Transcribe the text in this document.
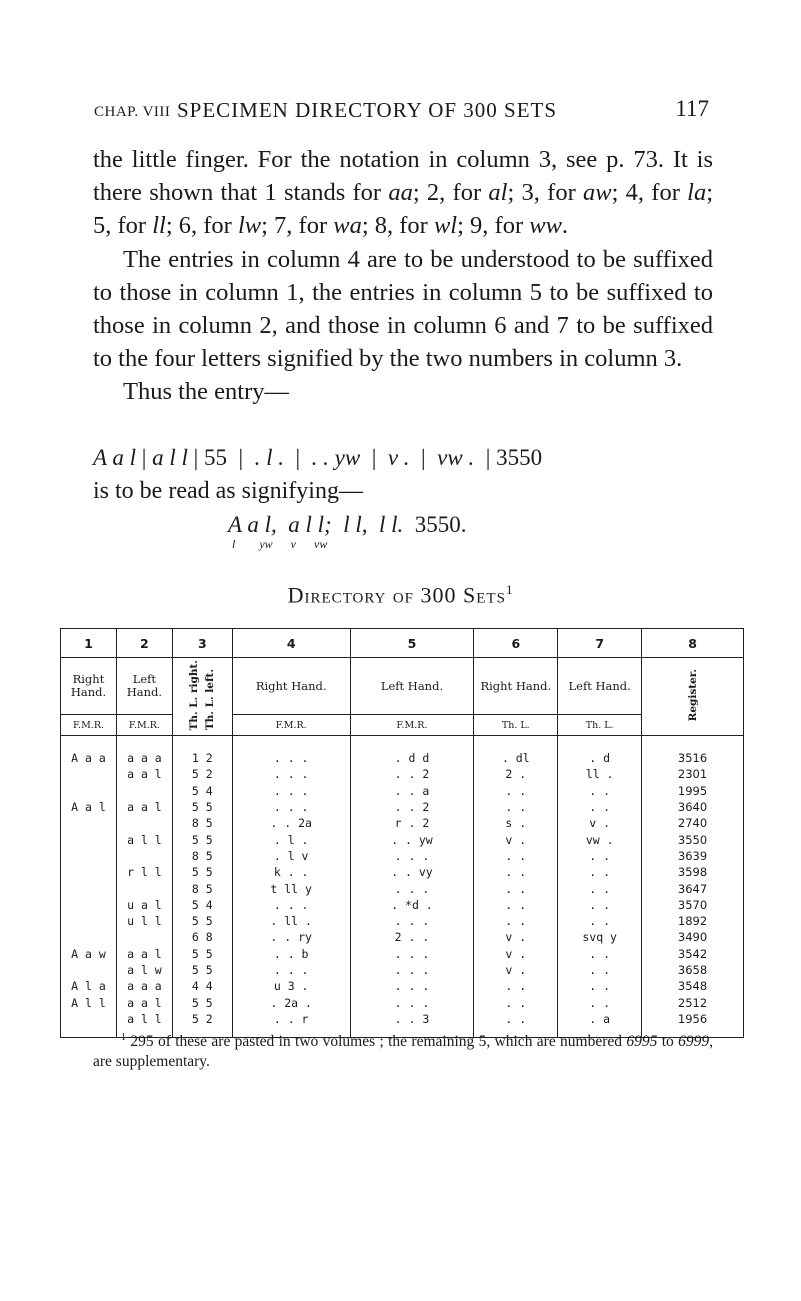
CHAP. VIII SPECIMEN DIRECTORY OF 300 SETS	117

the little finger. For the notation in column 3, see p. 73. It is there shown that 1 stands for aa; 2, for al; 3, for aw; 4, for la; 5, for ll; 6, for lw; 7, for wa; 8, for wl; 9, for ww.

The entries in column 4 are to be understood to be suffixed to those in column 1, the entries in column 5 to be suffixed to those in column 2, and those in column 6 and 7 to be suffixed to the four letters signified by the two numbers in column 3.

Thus the entry—

A a l | a l l | 55  |  . l .  |  . . yw  |  v .  |  vw .  | 3550
is to be read as signifying—
A a l,  a l l;  l l,  l l. 3550.
l        yw      v      vw
Directory of 300 Sets$^1$
1	2	3	4	5	6	7	8
Right Hand.	Left Hand.	Th. L. right. Th. L. left.	Right Hand.	Left Hand.	Right Hand.	Left Hand.	Register.
F.M.R.	F.M.R.		F.M.R.	F.M.R.	Th. L.	Th. L.	
A a a	a a a	1 2	. . .	. d d	. dl	. d	3516
	a a l	5 2	. . .	. . 2	2 .	ll .	2301
		5 4	. . .	. . a	. .	. .	1995
A a l	a a l	5 5	. . .	. . 2	. .	. .	3640
		8 5	. . 2a	r . 2	s .	v .	2740
	a l l	5 5	. l .	. . yw	v .	vw .	3550
		8 5	. l v	. . .	. .	. .	3639
	r l l	5 5	k . .	. . vy	. .	. .	3598
		8 5	t ll y	. . .	. .	. .	3647
	u a l	5 4	. . .	. *d .	. .	. .	3570
	u l l	5 5	. ll .	. . .	. .	. .	1892
		6 8	. . ry	2 . .	v .	svq y	3490
A a w	a a l	5 5	. . b	. . .	v .	. .	3542
	a l w	5 5	. . .	. . .	v .	. .	3658
A l a	a a a	4 4	u 3 .	. . .	. .	. .	3548
A l l	a a l	5 5	. 2a .	. . .	. .	. .	2512
	a l l	5 2	. . r	. . 3	. .	. a	1956
$^1$ 295 of these are pasted in two volumes ; the remaining 5, which are numbered 6995 to 6999, are supplementary.
